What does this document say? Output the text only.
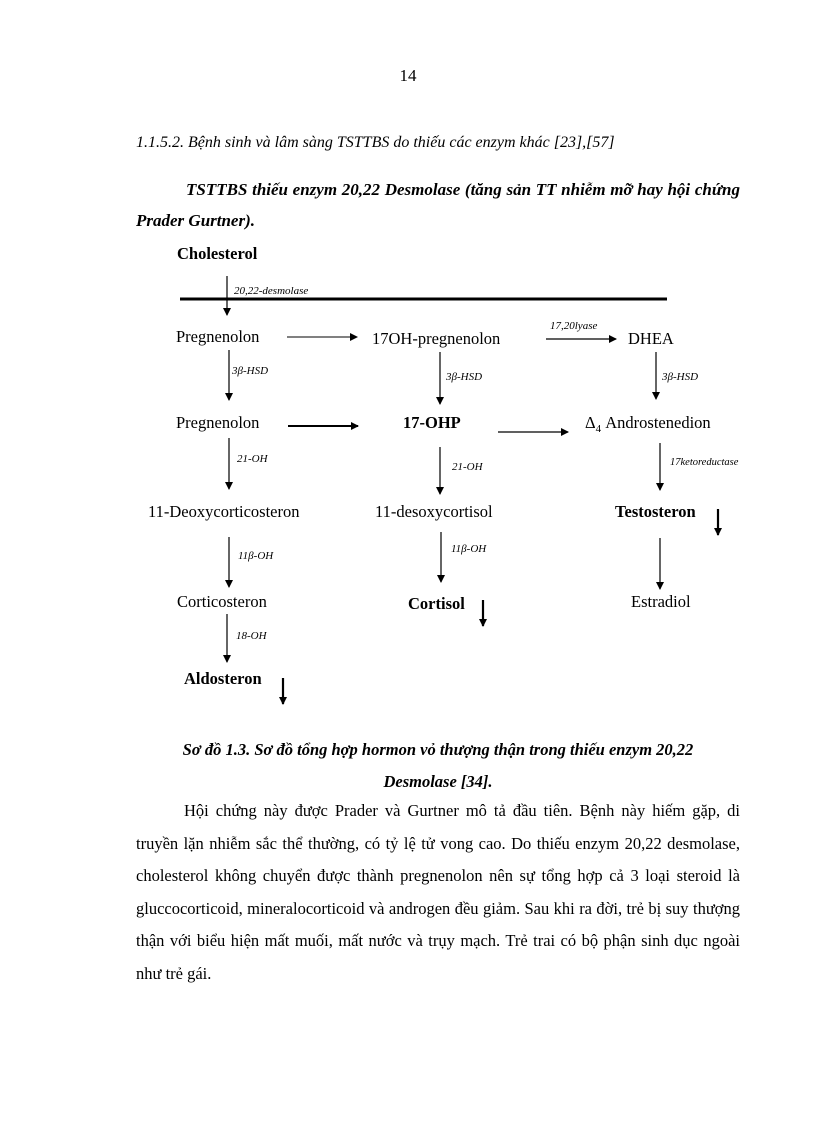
14
1.1.5.2. Bệnh sinh và lâm sàng TSTTBS do thiếu các enzym khác [23],[57]
TSTTBS thiếu enzym 20,22 Desmolase (tăng sản TT nhiễm mỡ hay hội chứng Prader Gurtner).
Cholesterol
20,22-desmolase
Pregnenolon	17OH-pregnenolon
17,20lyase
DHEA
3β-HSD	3β-HSD	3β-HSD
Pregnenolon	17-OHP	$\Delta_4$ Androstenedion
21-OH
21-OH	17ketoreductase
11-Deoxycorticosteron	11-desoxycortisol	Testosteron
11β-OH
11β-OH
Corticosteron	Cortisol	Estradiol
18-OH
Aldosteron
Sơ đồ 1.3. Sơ đồ tổng hợp hormon vỏ thượng thận trong thiếu enzym 20,22
Desmolase [34].
Hội chứng này được Prader và Gurtner mô tả đầu tiên. Bệnh này hiếm gặp, di truyền lặn nhiễm sắc thể thường, có tỷ lệ tử vong cao. Do thiếu enzym 20,22 desmolase, cholesterol không chuyển được thành pregnenolon nên sự tổng hợp cả 3 loại steroid là gluccocorticoid, mineralocorticoid và androgen đều giảm. Sau khi ra đời, trẻ bị suy thượng thận với biểu hiện mất muối, mất nước và trụy mạch. Trẻ trai có bộ phận sinh dục ngoài như trẻ gái.
